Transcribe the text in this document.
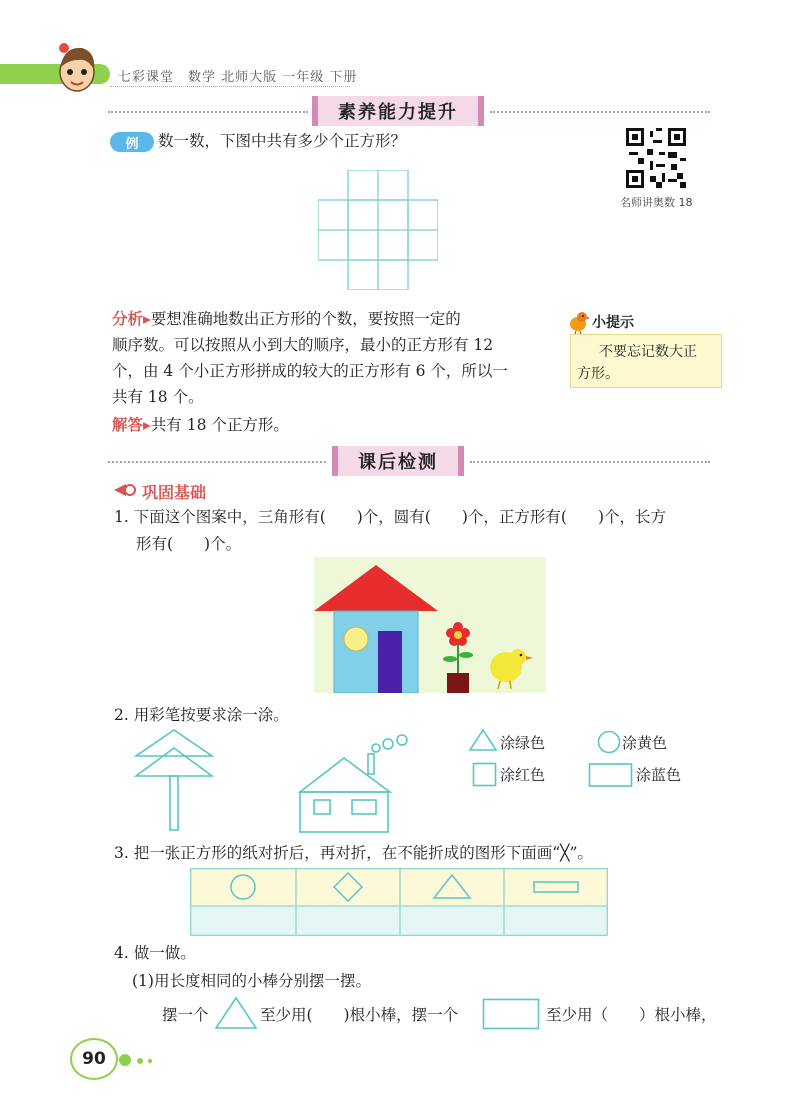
七彩课堂　数学 北师大版 一年级 下册
素养能力提升
例 数一数，下图中共有多少个正方形？
名师讲奥数 18
分析▸要想准确地数出正方形的个数，要按照一定的
顺序数。可以按照从小到大的顺序，最小的正方形有 12
个，由 4 个小正方形拼成的较大的正方形有 6 个，所以一
共有 18 个。
解答▸共有 18 个正方形。
小提示
不要忘记数大正
方形。
课后检测
巩固基础
1. 下面这个图案中，三角形有(　　)个，圆有(　　)个，正方形有(　　)个，长方
形有(　　)个。
2. 用彩笔按要求涂一涂。
涂绿色	涂黄色
涂红色	涂蓝色
3. 把一张正方形的纸对折后，再对折，在不能折成的图形下面画“╳”。
4. 做一做。
(1)用长度相同的小棒分别摆一摆。
摆一个	至少用(　　)根小棒，摆一个	至少用（　　）根小棒，
90
